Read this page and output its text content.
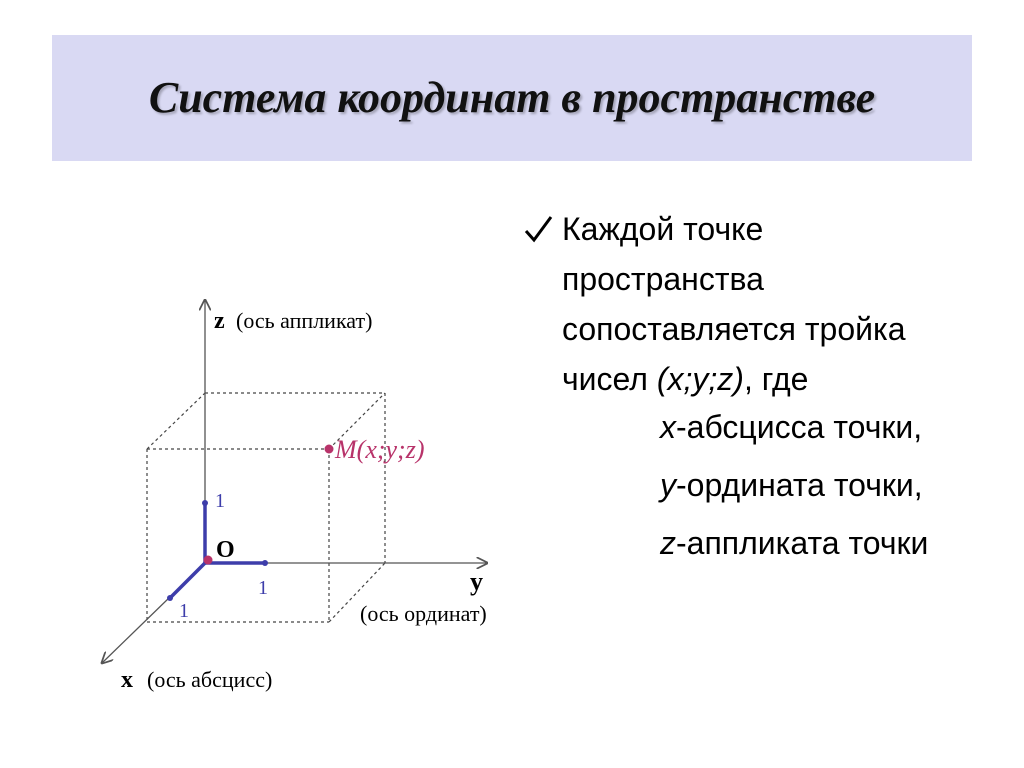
Система координат в пространстве
z (ось аппликат)
y
(ось ординат)
x (ось абсцисс)
O
1
1
1
M(x;y;z)
Каждой точке
пространства
сопоставляется тройка
чисел (x;y;z), где
x-абсцисса точки,
y-ордината точки,
z-аппликата точки
